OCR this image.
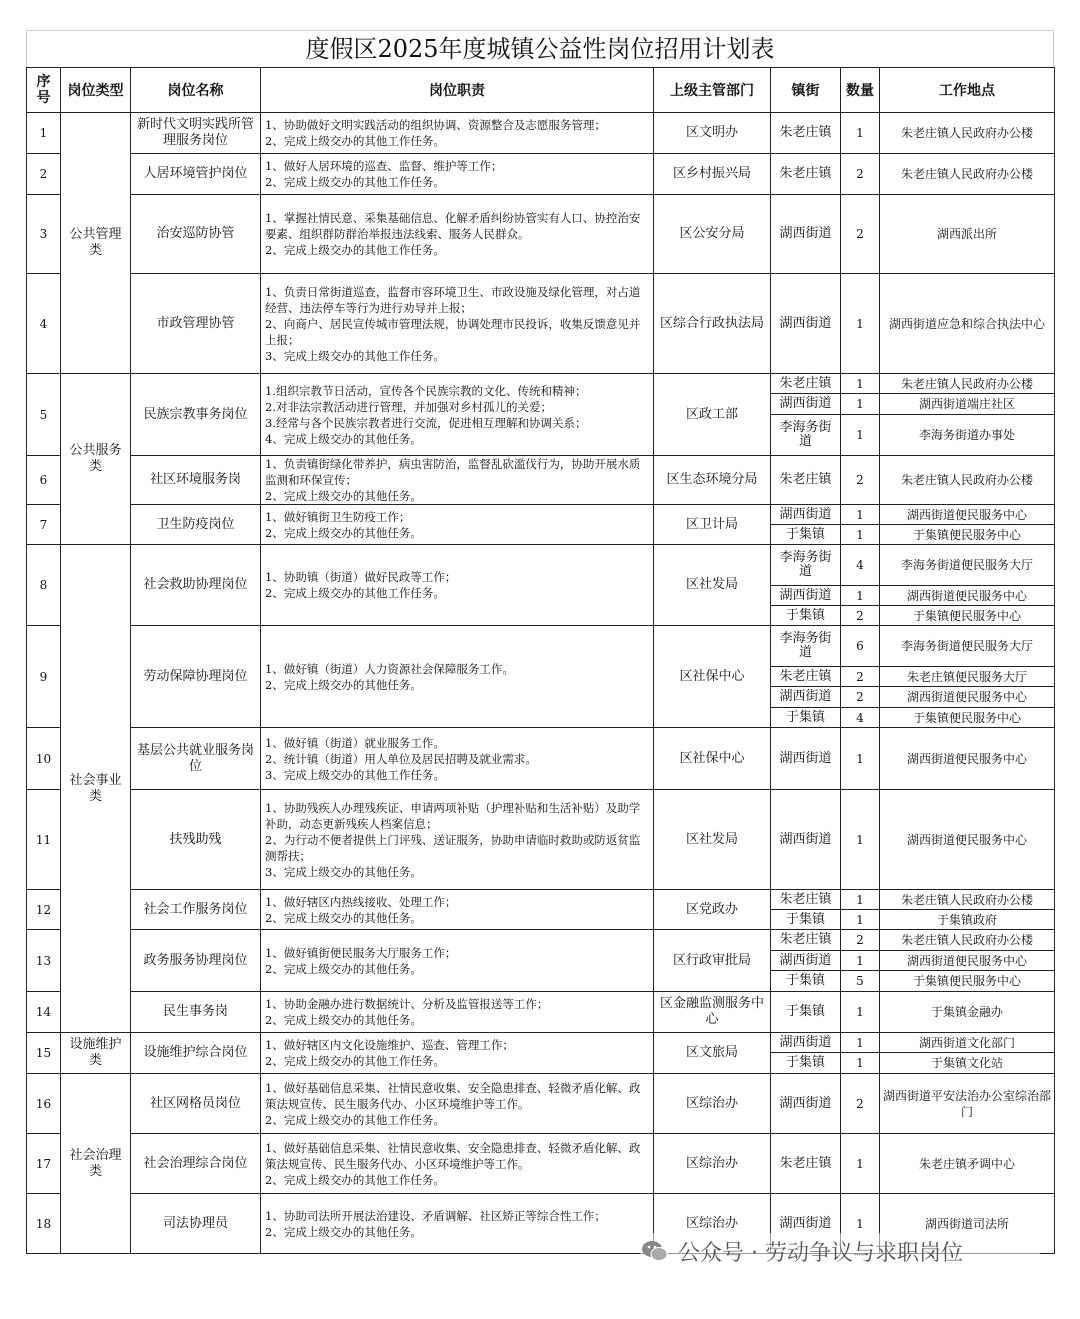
度假区2025年度城镇公益性岗位招用计划表
序号	岗位类型	岗位名称	岗位职责	上级主管部门	镇街	数量	工作地点
1	公共管理类	新时代文明实践所管理服务岗位	1、协助做好文明实践活动的组织协调、资源整合及志愿服务管理；
2、完成上级交办的其他工作任务。	区文明办	朱老庄镇	1	朱老庄镇人民政府办公楼
2		人居环境管护岗位	1、做好人居环境的巡查、监督、维护等工作；
2、完成上级交办的其他工作任务。	区乡村振兴局	朱老庄镇	2	朱老庄镇人民政府办公楼
3		治安巡防协管	1、掌握社情民意、采集基础信息、化解矛盾纠纷协管实有人口、协控治安要素、组织群防群治举报违法线索、服务人民群众。
2、完成上级交办的其他工作任务。	区公安分局	湖西街道	2	湖西派出所
4		市政管理协管	1、负责日常街道巡查，监督市容环境卫生、市政设施及绿化管理，对占道经营、违法停车等行为进行劝导并上报；
2、向商户、居民宣传城市管理法规，协调处理市民投诉，收集反馈意见并上报；
3、完成上级交办的其他工作任务。	区综合行政执法局	湖西街道	1	湖西街道应急和综合执法中心
5	公共服务类	民族宗教事务岗位	1.组织宗教节日活动，宣传各个民族宗教的文化、传统和精神；
2.对非法宗教活动进行管理，并加强对乡村孤儿的关爱；
3.经常与各个民族宗教者进行交流，促进相互理解和协调关系；
4、完成上级交办的其他任务。	区政工部	朱老庄镇	1	朱老庄镇人民政府办公楼
					湖西街道	1	湖西街道端庄社区
					李海务街道	1	李海务街道办事处
6		社区环境服务岗	1、负责镇街绿化带养护，病虫害防治，监督乱砍滥伐行为，协助开展水质监测和环保宣传；
2、完成上级交办的其他任务。	区生态环境分局	朱老庄镇	2	朱老庄镇人民政府办公楼
7		卫生防疫岗位	1、做好镇街卫生防疫工作；
2、完成上级交办的其他任务。	区卫计局	湖西街道	1	湖西街道便民服务中心
					于集镇	1	于集镇便民服务中心
8	社会事业类	社会救助协理岗位	1、协助镇（街道）做好民政等工作；
2、完成上级交办的其他工作任务。	区社发局	李海务街道	4	李海务街道便民服务大厅
					湖西街道	1	湖西街道便民服务中心
					于集镇	2	于集镇便民服务中心
9		劳动保障协理岗位	1、做好镇（街道）人力资源社会保障服务工作。
2、完成上级交办的其他任务。	区社保中心	李海务街道	6	李海务街道便民服务大厅
					朱老庄镇	2	朱老庄镇便民服务大厅
					湖西街道	2	湖西街道便民服务中心
					于集镇	4	于集镇便民服务中心
10		基层公共就业服务岗位	1、做好镇（街道）就业服务工作。
2、统计镇（街道）用人单位及居民招聘及就业需求。
3、完成上级交办的其他工作任务。	区社保中心	湖西街道	1	湖西街道便民服务中心
11		扶残助残	1、协助残疾人办理残疾证、申请两项补贴（护理补贴和生活补贴）及助学补助，动态更新残疾人档案信息；
2、为行动不便者提供上门评残、送证服务，协助申请临时救助或防返贫监测帮扶；
3、完成上级交办的其他任务。	区社发局	湖西街道	1	湖西街道便民服务中心
12		社会工作服务岗位	1、做好辖区内热线接收、处理工作；
2、完成上级交办的其他任务。	区党政办	朱老庄镇	1	朱老庄镇人民政府办公楼
					于集镇	1	于集镇政府
13		政务服务协理岗位	1、做好镇街便民服务大厅服务工作；
2、完成上级交办的其他任务。	区行政审批局	朱老庄镇	2	朱老庄镇人民政府办公楼
					湖西街道	1	湖西街道便民服务中心
					于集镇	5	于集镇便民服务中心
14		民生事务岗	1、协助金融办进行数据统计、分析及监管报送等工作；
2、完成上级交办的其他任务。	区金融监测服务中心	于集镇	1	于集镇金融办
15	设施维护类	设施维护综合岗位	1、做好辖区内文化设施维护、巡查、管理工作；
2、完成上级交办的其他工作任务。	区文旅局	湖西街道	1	湖西街道文化部门
					于集镇	1	于集镇文化站
16	社会治理类	社区网格员岗位	1、做好基础信息采集、社情民意收集、安全隐患排查、轻微矛盾化解、政策法规宣传、民生服务代办、小区环境维护等工作。
2、完成上级交办的其他工作任务。	区综治办	湖西街道	2	湖西街道平安法治办公室综治部门
17		社会治理综合岗位	1、做好基础信息采集、社情民意收集、安全隐患排查、轻微矛盾化解、政策法规宣传、民生服务代办、小区环境维护等工作。
2、完成上级交办的其他工作任务。	区综治办	朱老庄镇	1	朱老庄镇矛调中心
18		司法协理员	1、协助司法所开展法治建设、矛盾调解、社区矫正等综合性工作；
2、完成上级交办的其他任务。	区综治办	湖西街道	1	湖西街道司法所
公众号 · 劳动争议与求职岗位
